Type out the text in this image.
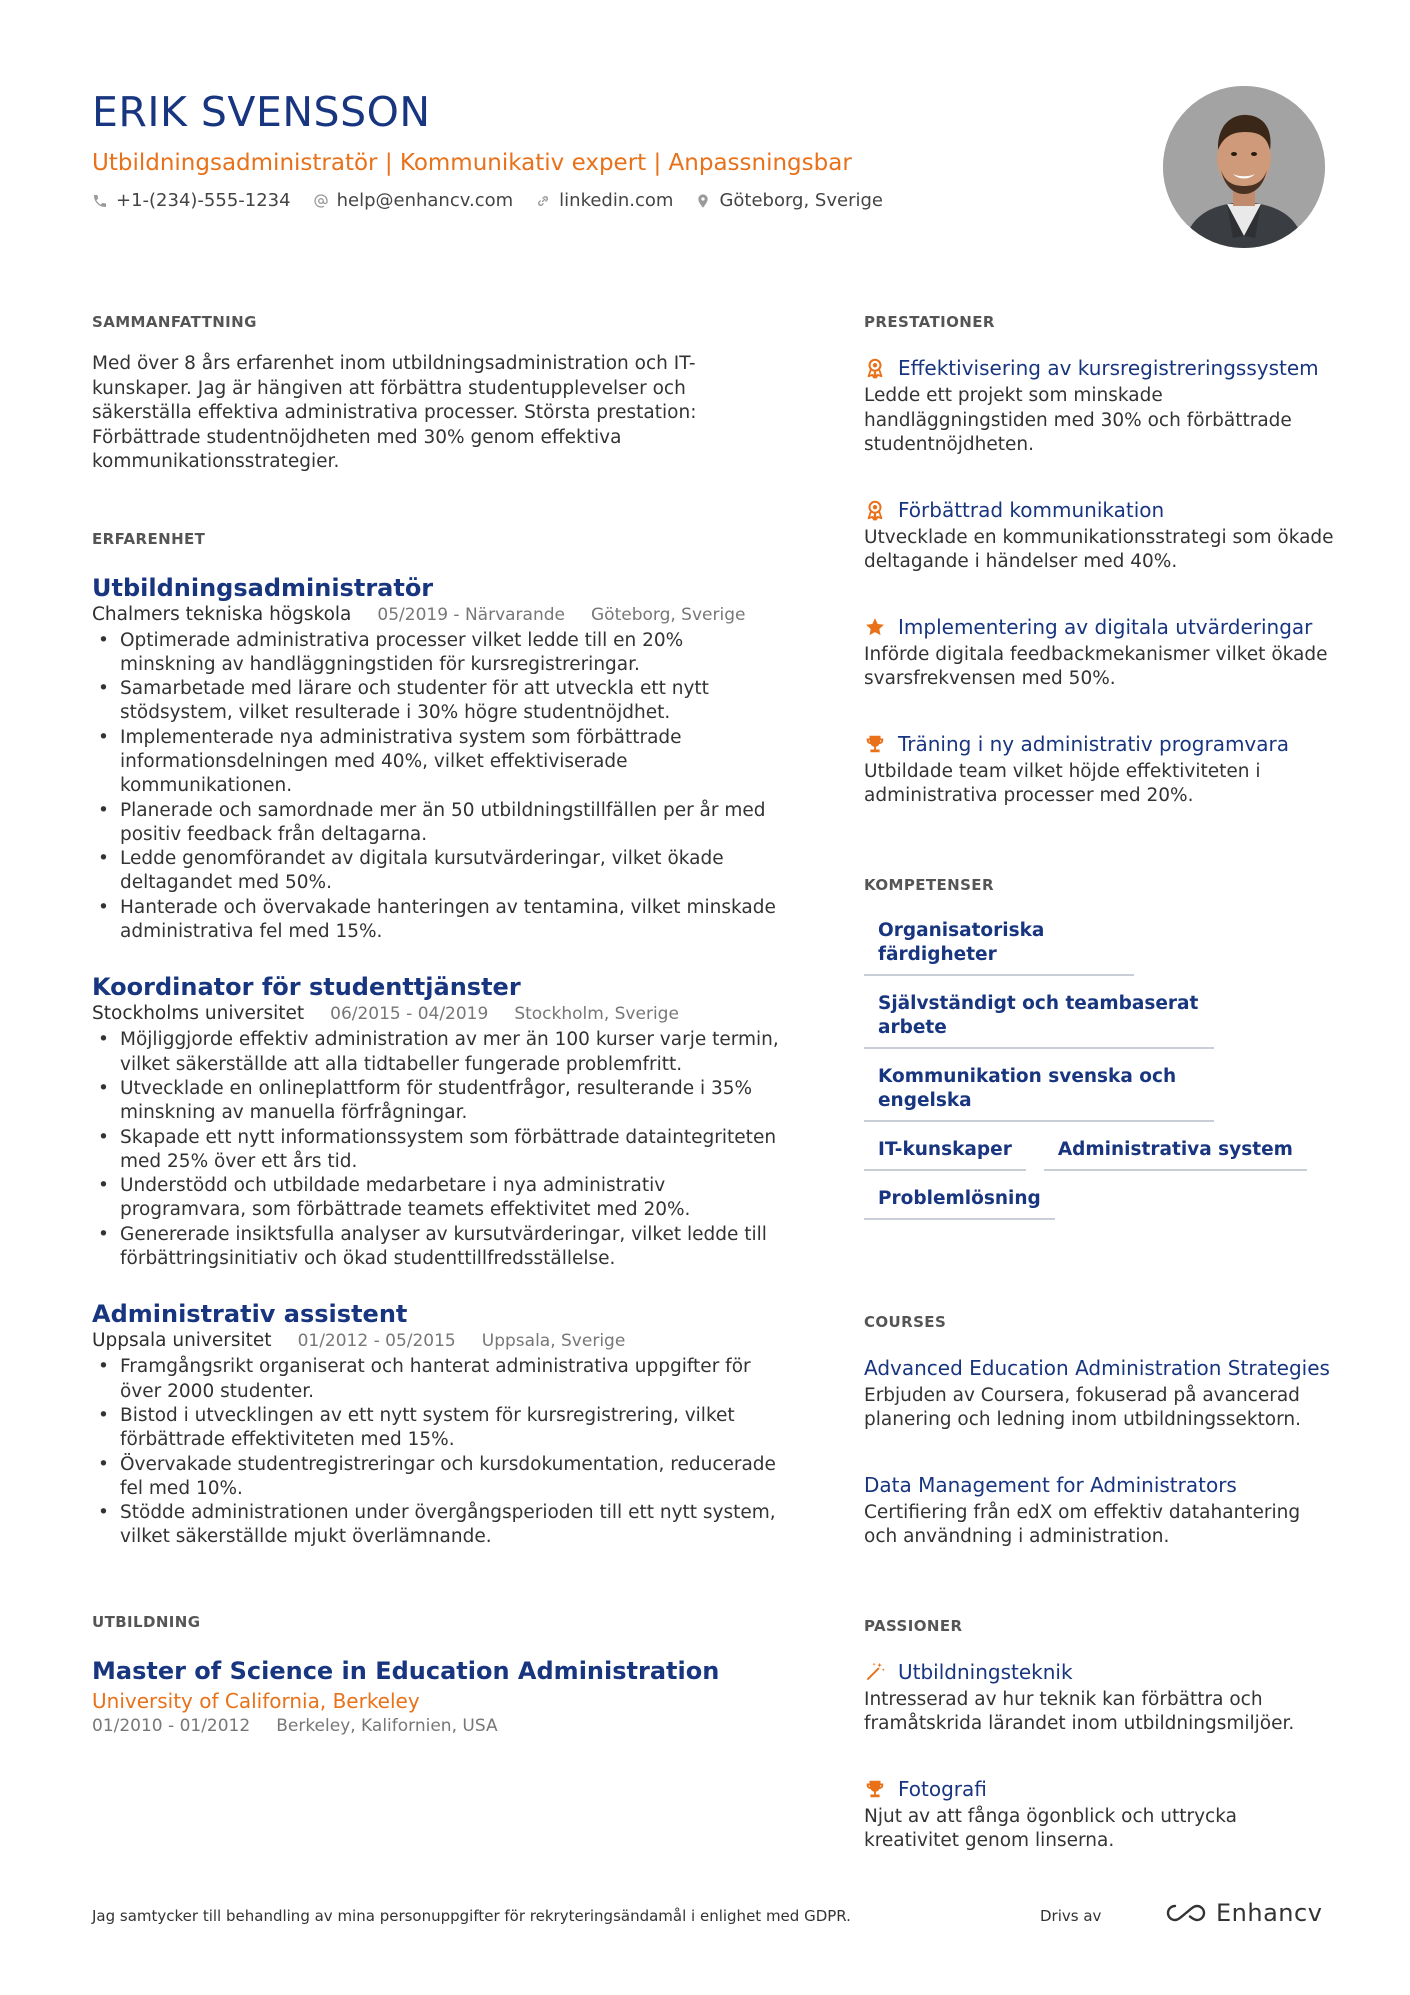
ERIK SVENSSON
Utbildningsadministratör | Kommunikativ expert | Anpassningsbar
+1-(234)-555-1234	help@enhancv.com	linkedin.com	Göteborg, Sverige
SAMMANFATTNING

Med över 8 års erfarenhet inom utbildningsadministration och IT-kunskaper. Jag är hängiven att förbättra studentupplevelser och säkerställa effektiva administrativa processer. Största prestation: Förbättrade studentnöjdheten med 30% genom effektiva kommunikationsstrategier.

ERFARENHET
Utbildningsadministratör
Chalmers tekniska högskola 05/2019 - Närvarande Göteborg, Sverige
• Optimerade administrativa processer vilket ledde till en 20% minskning av handläggningstiden för kursregistreringar.
• Samarbetade med lärare och studenter för att utveckla ett nytt stödsystem, vilket resulterade i 30% högre studentnöjdhet.
• Implementerade nya administrativa system som förbättrade informationsdelningen med 40%, vilket effektiviserade kommunikationen.
• Planerade och samordnade mer än 50 utbildningstillfällen per år med positiv feedback från deltagarna.
• Ledde genomförandet av digitala kursutvärderingar, vilket ökade deltagandet med 50%.
• Hanterade och övervakade hanteringen av tentamina, vilket minskade administrativa fel med 15%.
Koordinator för studenttjänster
Stockholms universitet 06/2015 - 04/2019 Stockholm, Sverige
• Möjliggjorde effektiv administration av mer än 100 kurser varje termin, vilket säkerställde att alla tidtabeller fungerade problemfritt.
• Utvecklade en onlineplattform för studentfrågor, resulterande i 35% minskning av manuella förfrågningar.
• Skapade ett nytt informationssystem som förbättrade dataintegriteten med 25% över ett års tid.
• Understödd och utbildade medarbetare i nya administrativ programvara, som förbättrade teamets effektivitet med 20%.
• Genererade insiktsfulla analyser av kursutvärderingar, vilket ledde till förbättringsinitiativ och ökad studenttillfredsställelse.
Administrativ assistent
Uppsala universitet 01/2012 - 05/2015 Uppsala, Sverige
• Framgångsrikt organiserat och hanterat administrativa uppgifter för över 2000 studenter.
• Bistod i utvecklingen av ett nytt system för kursregistrering, vilket förbättrade effektiviteten med 15%.
• Övervakade studentregistreringar och kursdokumentation, reducerade fel med 10%.
• Stödde administrationen under övergångsperioden till ett nytt system, vilket säkerställde mjukt överlämnande.
UTBILDNING
Master of Science in Education Administration
University of California, Berkeley
01/2010 - 01/2012 Berkeley, Kalifornien, USA
PRESTATIONER
Effektivisering av kursregistreringssystem

Ledde ett projekt som minskade handläggningstiden med 30% och förbättrade studentnöjdheten.

Förbättrad kommunikation

Utvecklade en kommunikationsstrategi som ökade deltagande i händelser med 40%.

Implementering av digitala utvärderingar

Införde digitala feedbackmekanismer vilket ökade svarsfrekvensen med 50%.

Träning i ny administrativ programvara

Utbildade team vilket höjde effektiviteten i administrativa processer med 20%.

KOMPETENSER
Organisatoriska färdigheter
Självständigt och teambaserat arbete
Kommunikation svenska och engelska
IT-kunskaper	Administrativa system
Problemlösning
COURSES
Advanced Education Administration Strategies

Erbjuden av Coursera, fokuserad på avancerad planering och ledning inom utbildningssektorn.

Data Management for Administrators

Certifiering från edX om effektiv datahantering och användning i administration.

PASSIONER
Utbildningsteknik

Intresserad av hur teknik kan förbättra och framåtskrida lärandet inom utbildningsmiljöer.

Fotografi

Njut av att fånga ögonblick och uttrycka kreativitet genom linserna.

Jag samtycker till behandling av mina personuppgifter för rekryteringsändamål i enlighet med GDPR.	Drivs av	Enhancv
